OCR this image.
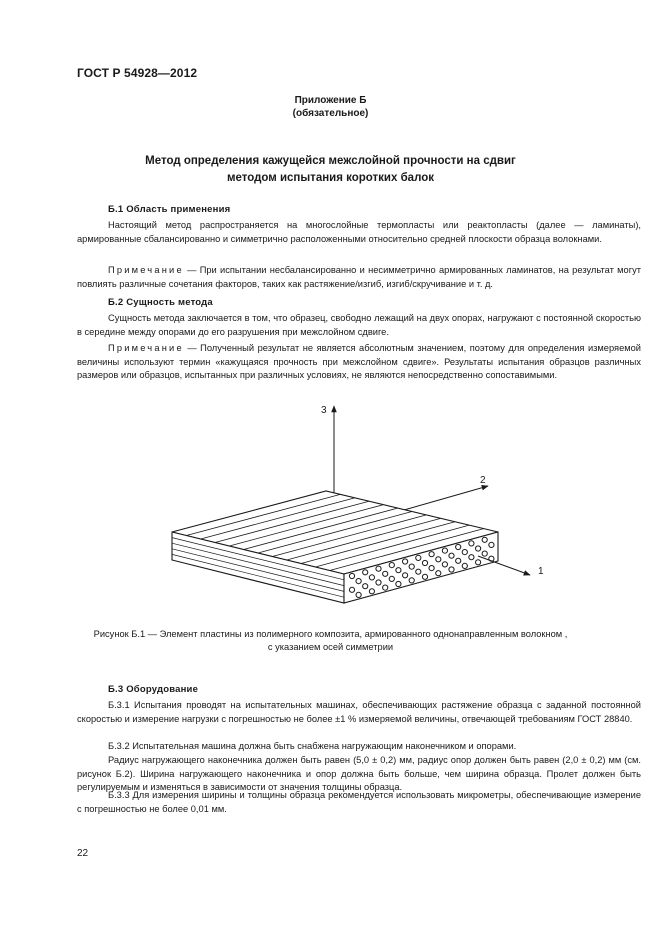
ГОСТ Р 54928—2012
Приложение Б
(обязательное)
Метод определения кажущейся межслойной прочности на сдвиг
методом испытания коротких балок
Б.1 Область применения

Настоящий метод распространяется на многослойные термопласты или реактопласты (далее — ламинаты), армированные сбалансированно и симметрично расположенными относительно средней плоскости образца волокнами.

Примечание — При испытании несбалансированно и несимметрично армированных ламинатов, на результат могут повлиять различные сочетания факторов, таких как растяжение/изгиб, изгиб/скручивание и т. д.

Б.2 Сущность метода

Сущность метода заключается в том, что образец, свободно лежащий на двух опорах, нагружают с постоянной скоростью в середине между опорами до его разрушения при межслойном сдвиге.

Примечание — Полученный результат не является абсолютным значением, поэтому для определения измеряемой величины используют термин «кажущаяся прочность при межслойном сдвиге». Результаты испытания образцов различных размеров или образцов, испытанных при различных условиях, не являются непосредственно сопоставимыми.

1
2
3
Рисунок Б.1 — Элемент пластины из полимерного композита, армированного однонаправленным волокном ,
с указанием осей симметрии
Б.3 Оборудование

Б.3.1 Испытания проводят на испытательных машинах, обеспечивающих растяжение образца с заданной постоянной скоростью и измерение нагрузки с погрешностью не более ±1 % измеряемой величины, отвечающей требованиям ГОСТ 28840.

Б.3.2 Испытательная машина должна быть снабжена нагружающим наконечником и опорами.

Радиус нагружающего наконечника должен быть равен (5,0 ± 0,2) мм, радиус опор должен быть равен (2,0 ± 0,2) мм (см. рисунок Б.2). Ширина нагружающего наконечника и опор должна быть больше, чем ширина образца. Пролет должен быть регулируемым и изменяться в зависимости от значения толщины образца.

Б.3.3 Для измерения ширины и толщины образца рекомендуется использовать микрометры, обеспечивающие измерение с погрешностью не более 0,01 мм.

22
